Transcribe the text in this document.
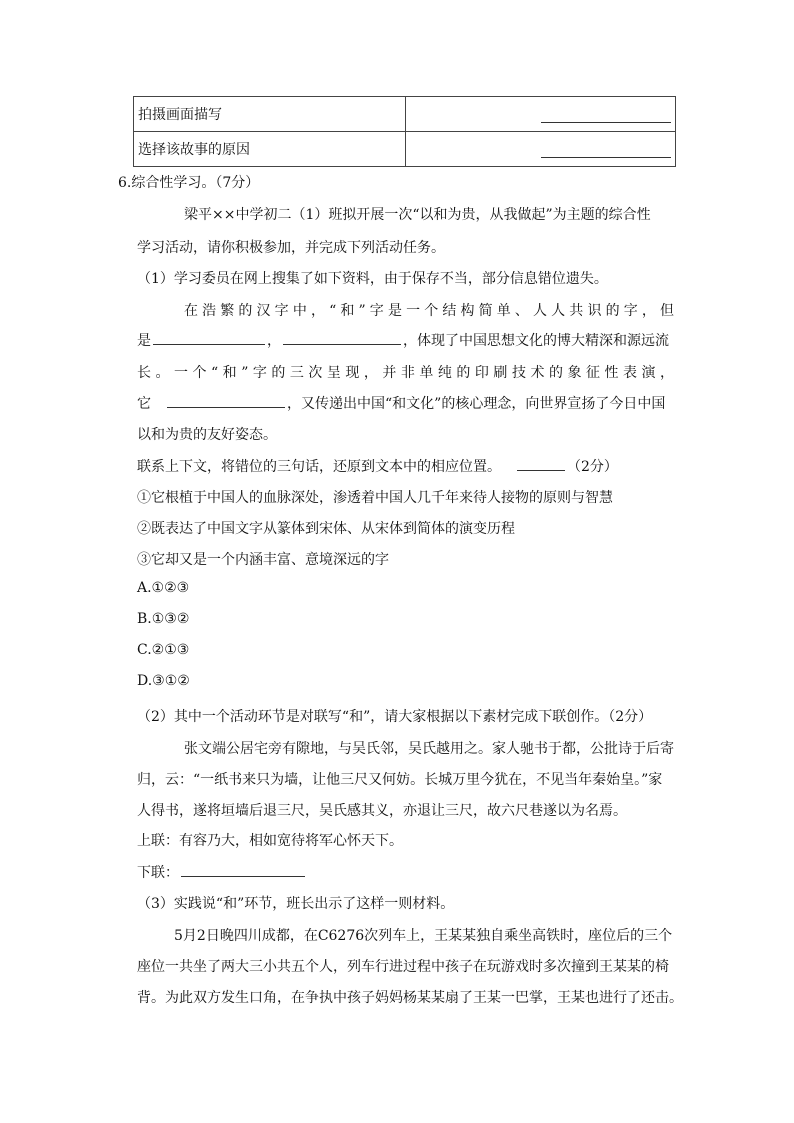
拍摄画面描写	

选择该故事的原因	
6.综合性学习。（7分）
梁平××中学初二（1）班拟开展一次“以和为贵，从我做起”为主题的综合性
学习活动，请你积极参加，并完成下列活动任务。
（1）学习委员在网上搜集了如下资料，由于保存不当，部分信息错位遗失。
在浩繁的汉字中，“和”字是一个结构简单、人人共识的字，但
是	，	，体现了中国思想文化的博大精深和源远流
长。一个“和”字的三次呈现，并非单纯的印刷技术的象征性表演，
它	，又传递出中国“和文化”的核心理念，向世界宣扬了今日中国
以和为贵的友好姿态。
联系上下文，将错位的三句话，还原到文本中的相应位置。	（2分）
①它根植于中国人的血脉深处，渗透着中国人几千年来待人接物的原则与智慧
②既表达了中国文字从篆体到宋体、从宋体到简体的演变历程
③它却又是一个内涵丰富、意境深远的字
A.①②③
B.①③②
C.②①③
D.③①②
（2）其中一个活动环节是对联写“和”，请大家根据以下素材完成下联创作。（2分）
张文端公居宅旁有隙地，与吴氏邻，吴氏越用之。家人驰书于都，公批诗于后寄
归，云：“一纸书来只为墙，让他三尺又何妨。长城万里今犹在，不见当年秦始皇。”家
人得书，遂将垣墙后退三尺，吴氏感其义，亦退让三尺，故六尺巷遂以为名焉。
上联：有容乃大，相如宽待将军心怀天下。
下联：
（3）实践说“和”环节，班长出示了这样一则材料。
5月2日晚四川成都，在C6276次列车上，王某某独自乘坐高铁时，座位后的三个
座位一共坐了两大三小共五个人，列车行进过程中孩子在玩游戏时多次撞到王某某的椅
背。为此双方发生口角，在争执中孩子妈妈杨某某扇了王某一巴掌，王某也进行了还击。
